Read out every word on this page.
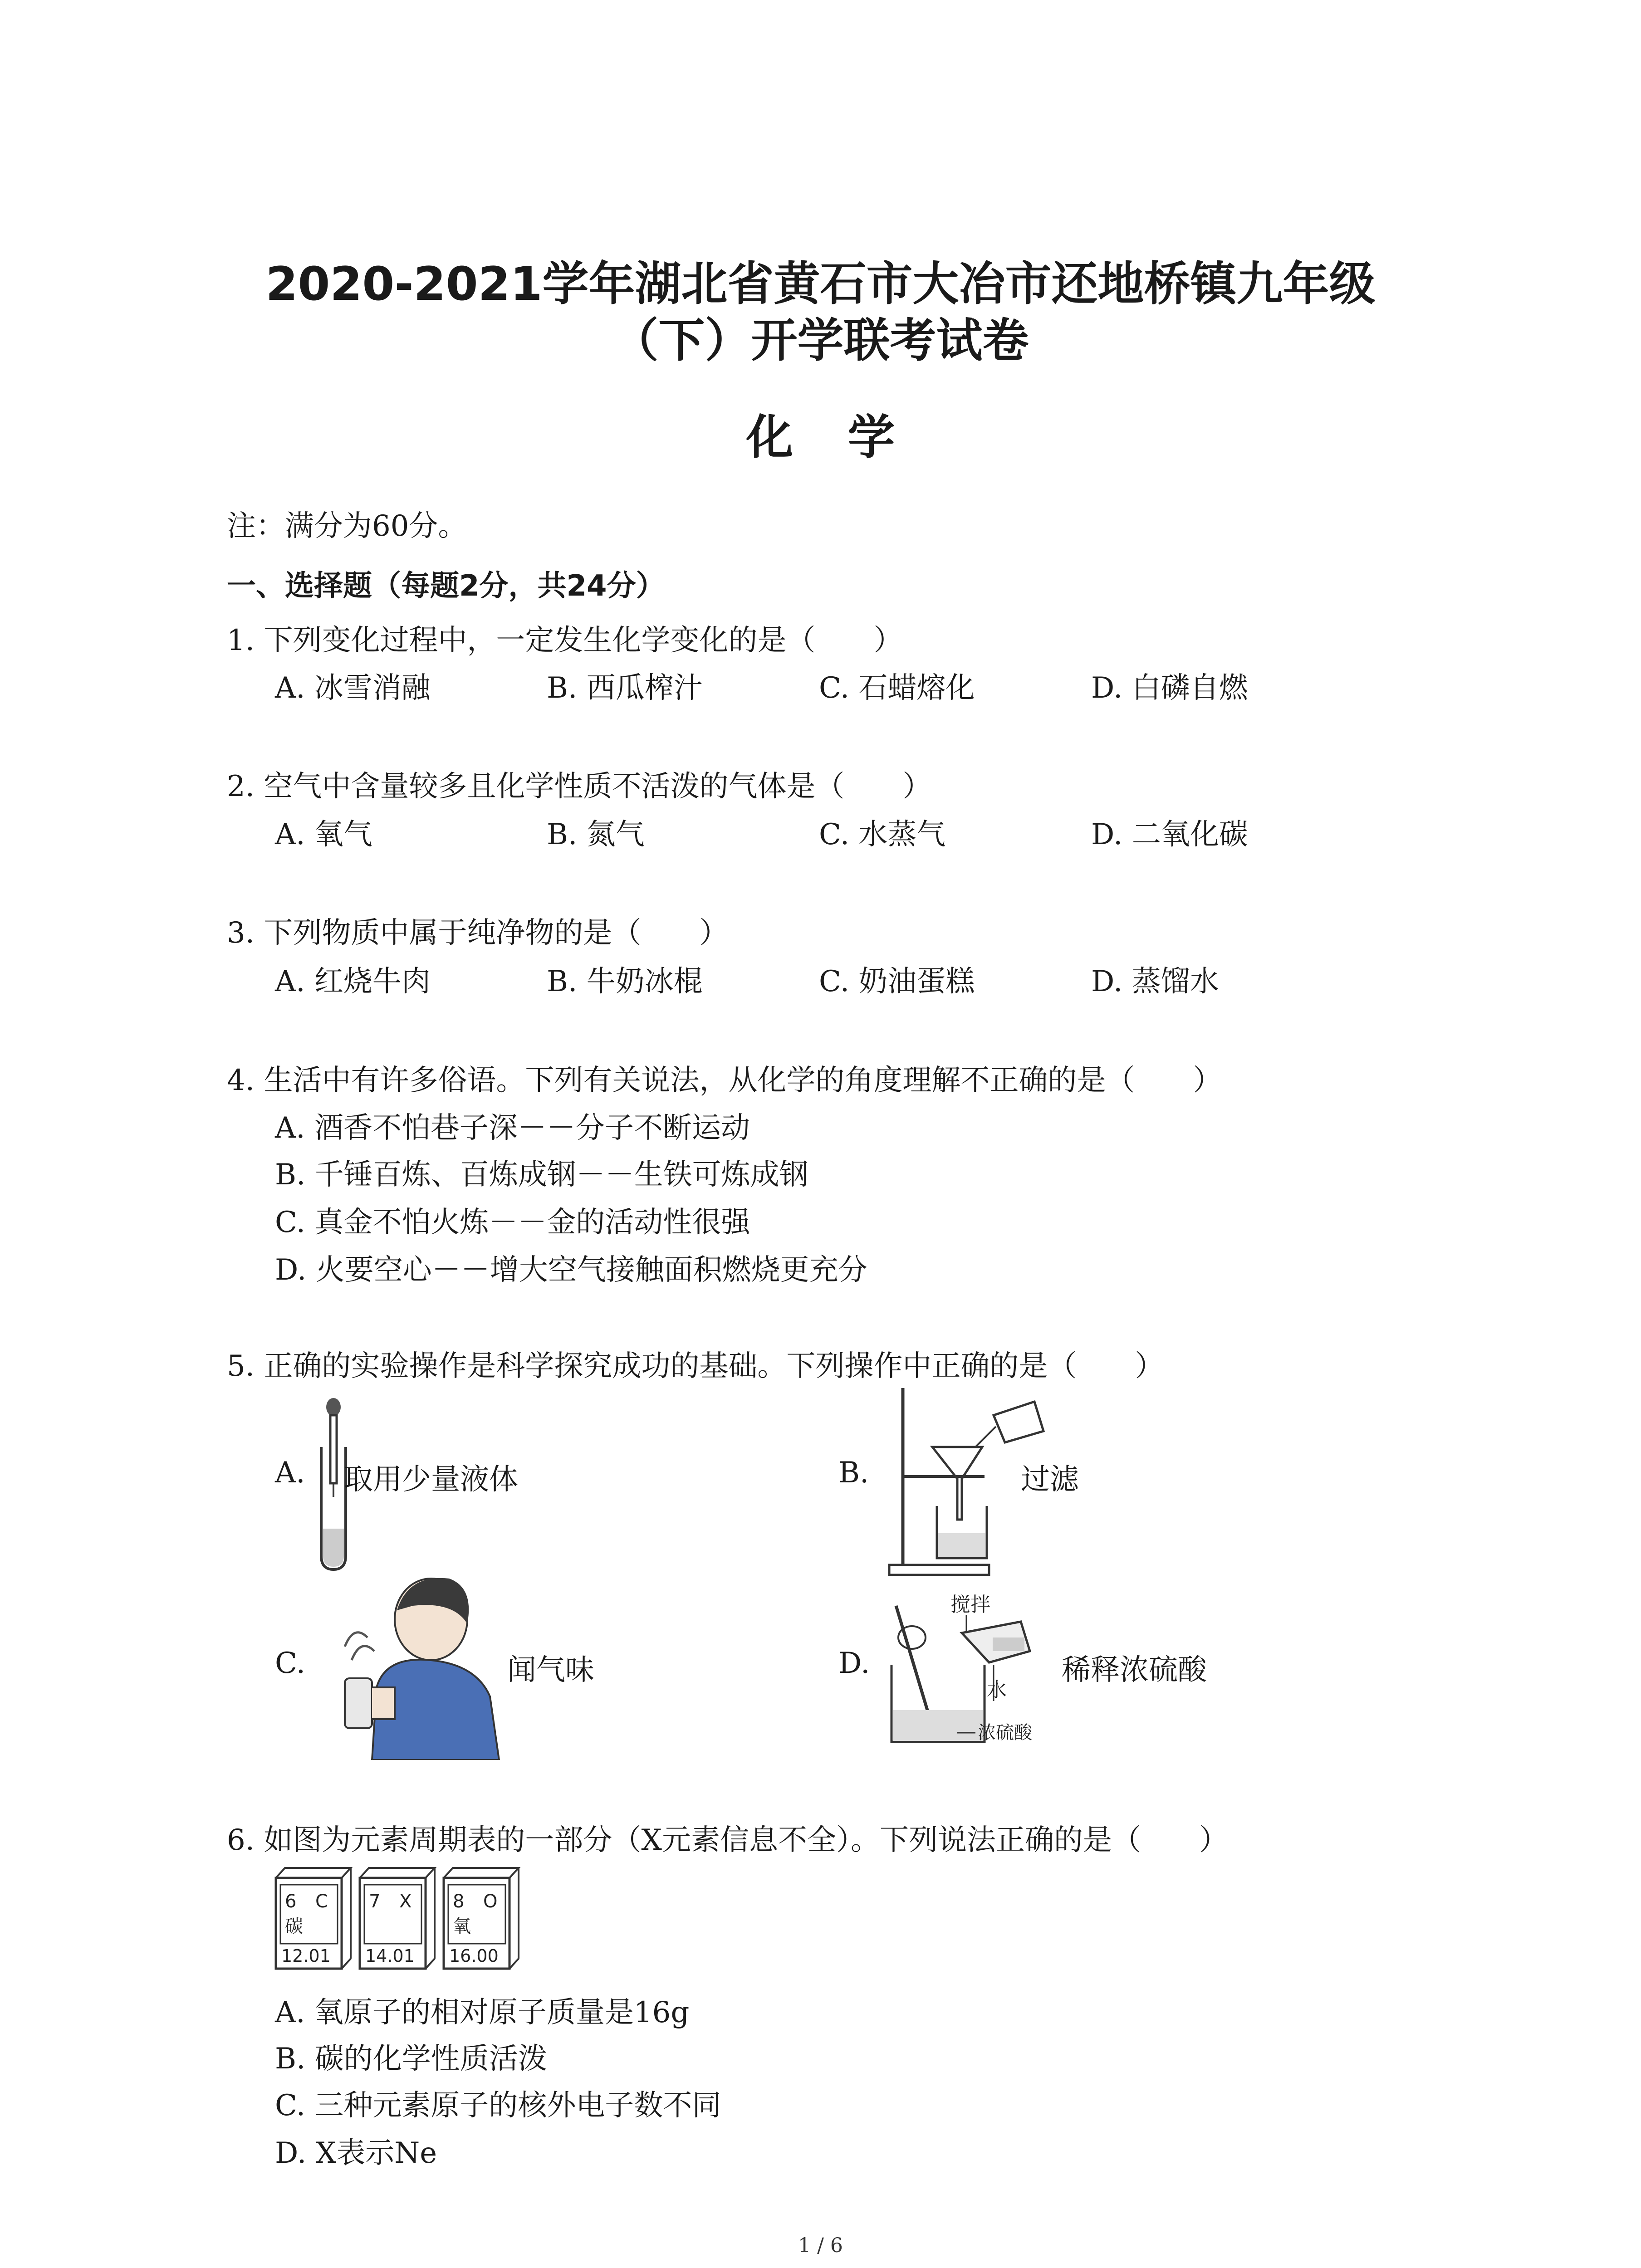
2020-2021学年湖北省黄石市大冶市还地桥镇九年级
（下）开学联考试卷
化学
注：满分为60分。
一、选择题（每题2分，共24分）
1. 下列变化过程中，一定发生化学变化的是（　　）
A. 冰雪消融	B. 西瓜榨汁	C. 石蜡熔化	D. 白磷自燃
2. 空气中含量较多且化学性质不活泼的气体是（　　）
A. 氧气	B. 氮气	C. 水蒸气	D. 二氧化碳
3. 下列物质中属于纯净物的是（　　）
A. 红烧牛肉	B. 牛奶冰棍	C. 奶油蛋糕	D. 蒸馏水
4. 生活中有许多俗语。下列有关说法，从化学的角度理解不正确的是（　　）
A. 酒香不怕巷子深－－分子不断运动
B. 千锤百炼、百炼成钢－－生铁可炼成钢
C. 真金不怕火炼－－金的活动性很强
D. 火要空心－－增大空气接触面积燃烧更充分
5. 正确的实验操作是科学探究成功的基础。下列操作中正确的是（　　）
A. 取用少量液体	B.	过滤
C.	闻气味	D.
搅拌
水
浓硫酸
稀释浓硫酸
6. 如图为元素周期表的一部分（X元素信息不全）。下列说法正确的是（　　）
6 C
碳
12.01
7 X
14.01
8 O
氧
16.00
A. 氧原子的相对原子质量是16g
B. 碳的化学性质活泼
C. 三种元素原子的核外电子数不同
D. X表示Ne
1 / 6
